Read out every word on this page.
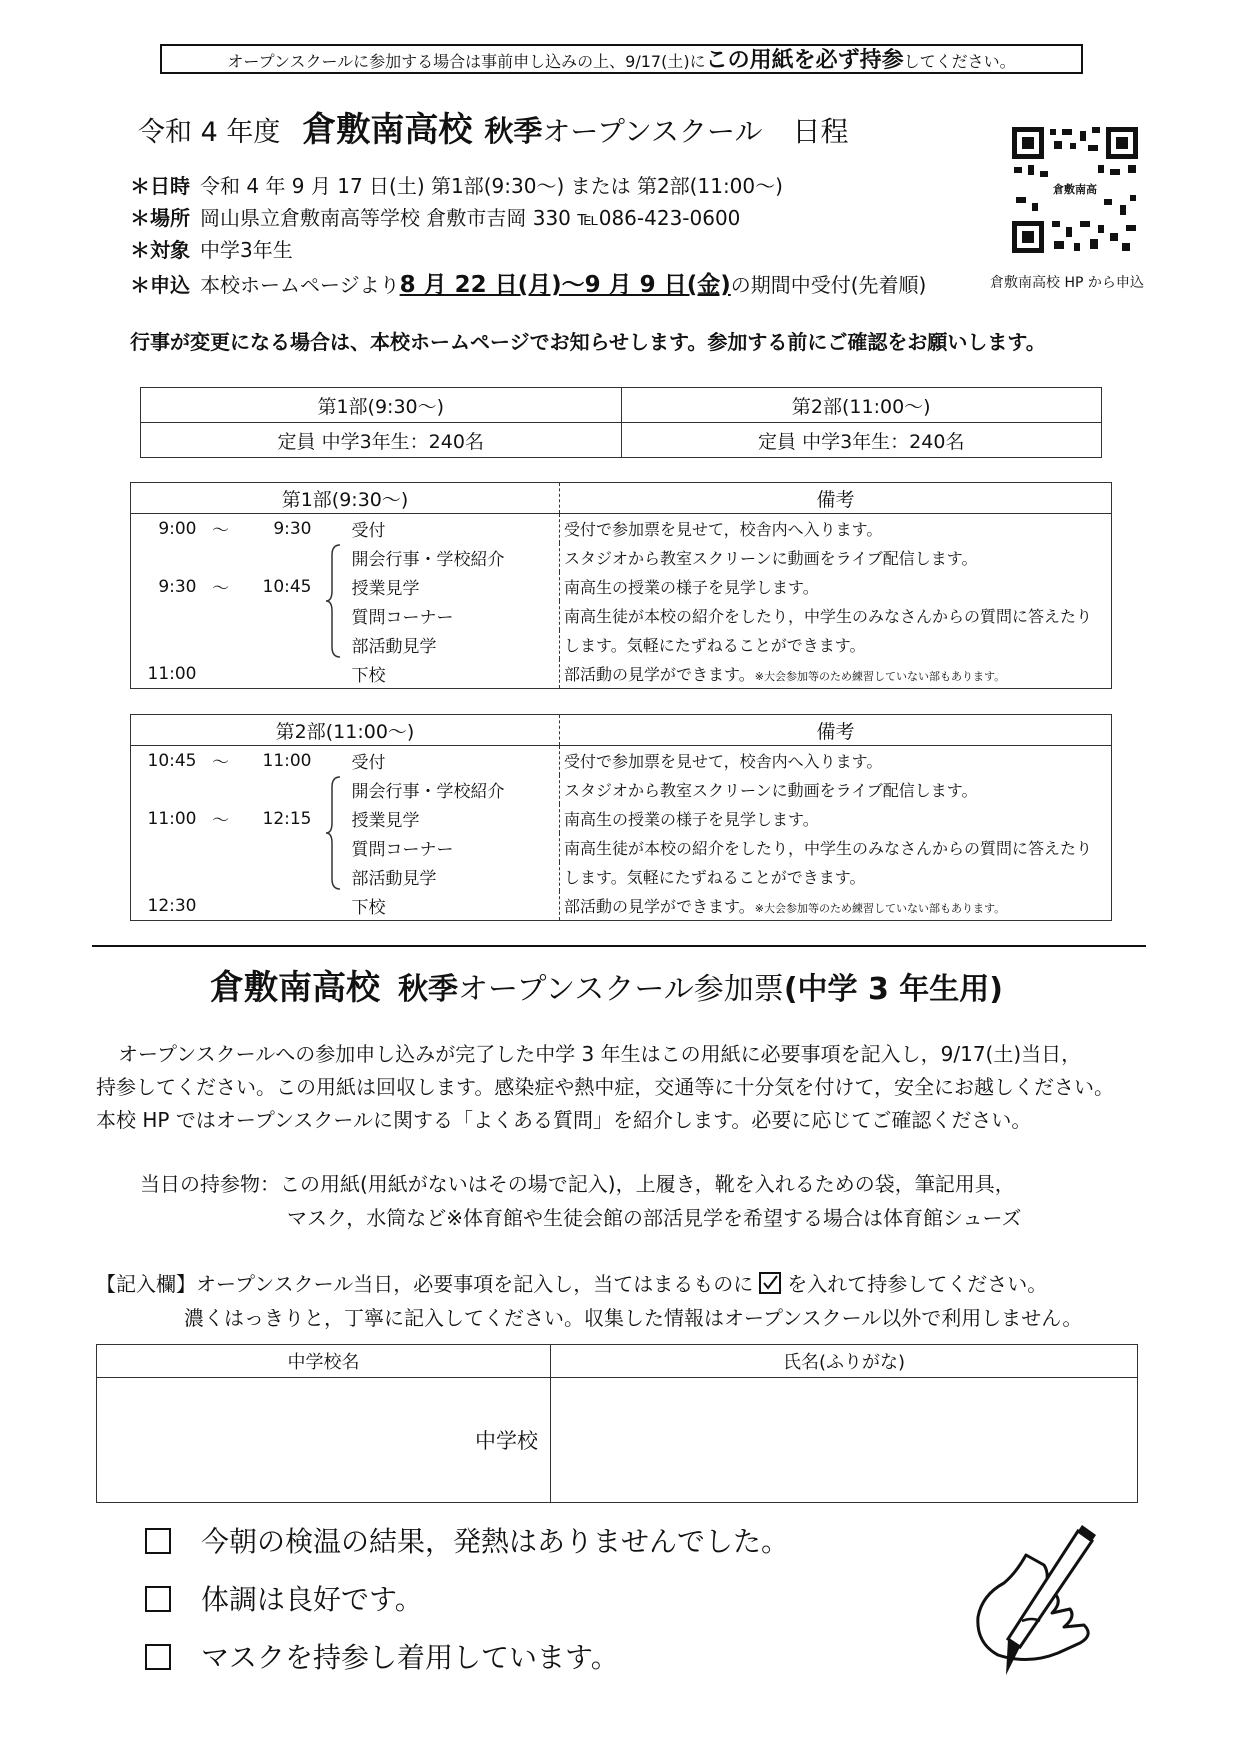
オープンスクールに参加する場合は事前申し込みの上、9/17(土)にこの用紙を必ず持参してください。
令和 4 年度 倉敷南高校 秋季オープンスクール 日程
＊日時 令和 4 年 9 月 17 日(土) 第1部(9:30～) または 第2部(11:00～)
＊場所 岡山県立倉敷南高等学校 倉敷市吉岡 330 ℡086-423-0600
＊対象 中学3年生
＊申込 本校ホームページより8 月 22 日(月)～9 月 9 日(金)の期間中受付(先着順)
倉敷南高
倉敷南高校 HP から申込
行事が変更になる場合は、本校ホームページでお知らせします。参加する前にご確認をお願いします。
第1部(9:30～)	第2部(11:00～)
定員 中学3年生：240名	定員 中学3年生：240名
第1部(9:30～)					備考
9:00	～	9:30		受付	受付で参加票を見せて，校舎内へ入ります。

	開会行事・学校紹介	スタジオから教室スクリーンに動画をライブ配信します。
9:30	～	10:45		授業見学	南高生の授業の様子を見学します。
				質問コーナー	南高生徒が本校の紹介をしたり，中学生のみなさんからの質問に答えたり
				部活動見学	します。気軽にたずねることができます。
11:00				下校	部活動の見学ができます。※大会参加等のため練習していない部もあります。
第2部(11:00～)					備考
10:45	～	11:00		受付	受付で参加票を見せて，校舎内へ入ります。

	開会行事・学校紹介	スタジオから教室スクリーンに動画をライブ配信します。
11:00	～	12:15		授業見学	南高生の授業の様子を見学します。
				質問コーナー	南高生徒が本校の紹介をしたり，中学生のみなさんからの質問に答えたり
				部活動見学	します。気軽にたずねることができます。
12:30				下校	部活動の見学ができます。※大会参加等のため練習していない部もあります。
倉敷南高校 秋季オープンスクール参加票(中学 3 年生用)
オープンスクールへの参加申し込みが完了した中学 3 年生はこの用紙に必要事項を記入し，9/17(土)当日，
持参してください。この用紙は回収します。感染症や熱中症，交通等に十分気を付けて，安全にお越しください。
本校 HP ではオープンスクールに関する「よくある質問」を紹介します。必要に応じてご確認ください。
当日の持参物：この用紙(用紙がないはその場で記入)，上履き，靴を入れるための袋，筆記用具，
マスク，水筒など※体育館や生徒会館の部活見学を希望する場合は体育館シューズ
【記入欄】オープンスクール当日，必要事項を記入し，当てはまるものに を入れて持参してください。
濃くはっきりと，丁寧に記入してください。収集した情報はオープンスクール以外で利用しません。
中学校名	氏名(ふりがな)
中学校	
今朝の検温の結果，発熱はありませんでした。
体調は良好です。
マスクを持参し着用しています。
